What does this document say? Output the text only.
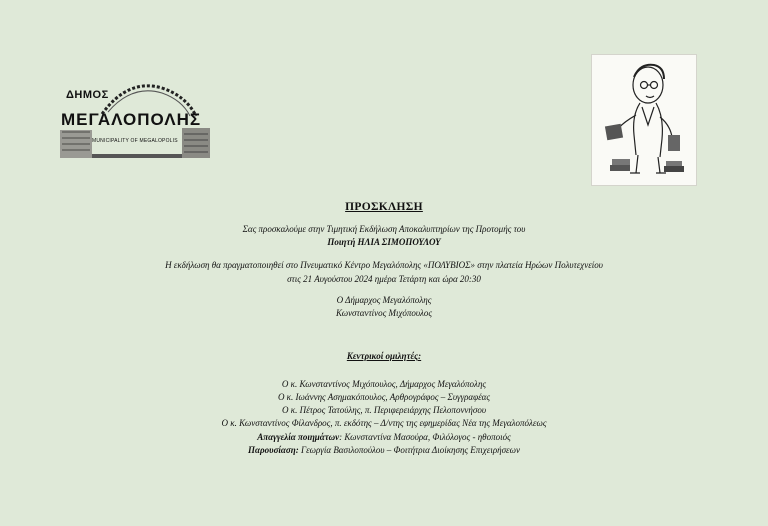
ΔΗΜΟΣ
ΜΕΓΑΛΟΠΟΛΗΣ
MUNICIPALITY OF MEGALOPOLIS
ΠΡΟΣΚΛΗΣΗ
Σας προσκαλούμε στην Τιμητική Εκδήλωση Αποκαλυπτηρίων της Προτομής του
Ποιητή ΗΛΙΑ ΣΙΜΟΠΟΥΛΟΥ
Η εκδήλωση θα πραγματοποιηθεί στο Πνευματικό Κέντρο Μεγαλόπολης «ΠΟΛΥΒΙΟΣ» στην πλατεία Ηρώων Πολυτεχνείου
στις 21 Αυγούστου 2024 ημέρα Τετάρτη και ώρα 20:30
Ο Δήμαρχος Μεγαλόπολης
Κωνσταντίνος Μιχόπουλος
Κεντρικοί ομιλητές:
Ο κ. Κωνσταντίνος Μιχόπουλος, Δήμαρχος Μεγαλόπολης
Ο κ. Ιωάννης Ασημακόπουλος, Αρθρογράφος – Συγγραφέας
Ο κ. Πέτρος Τατούλης, π. Περιφερειάρχης Πελοποννήσου
Ο κ. Κωνσταντίνος Φίλανδρος, π. εκδότης – Δ/ντης της εφημερίδας Νέα της Μεγαλοπόλεως
Απαγγελία ποιημάτων: Κωνσταντίνα Μασούρα, Φιλόλογος - ηθοποιός
Παρουσίαση: Γεωργία Βασιλοπούλου – Φοιτήτρια Διοίκησης Επιχειρήσεων
